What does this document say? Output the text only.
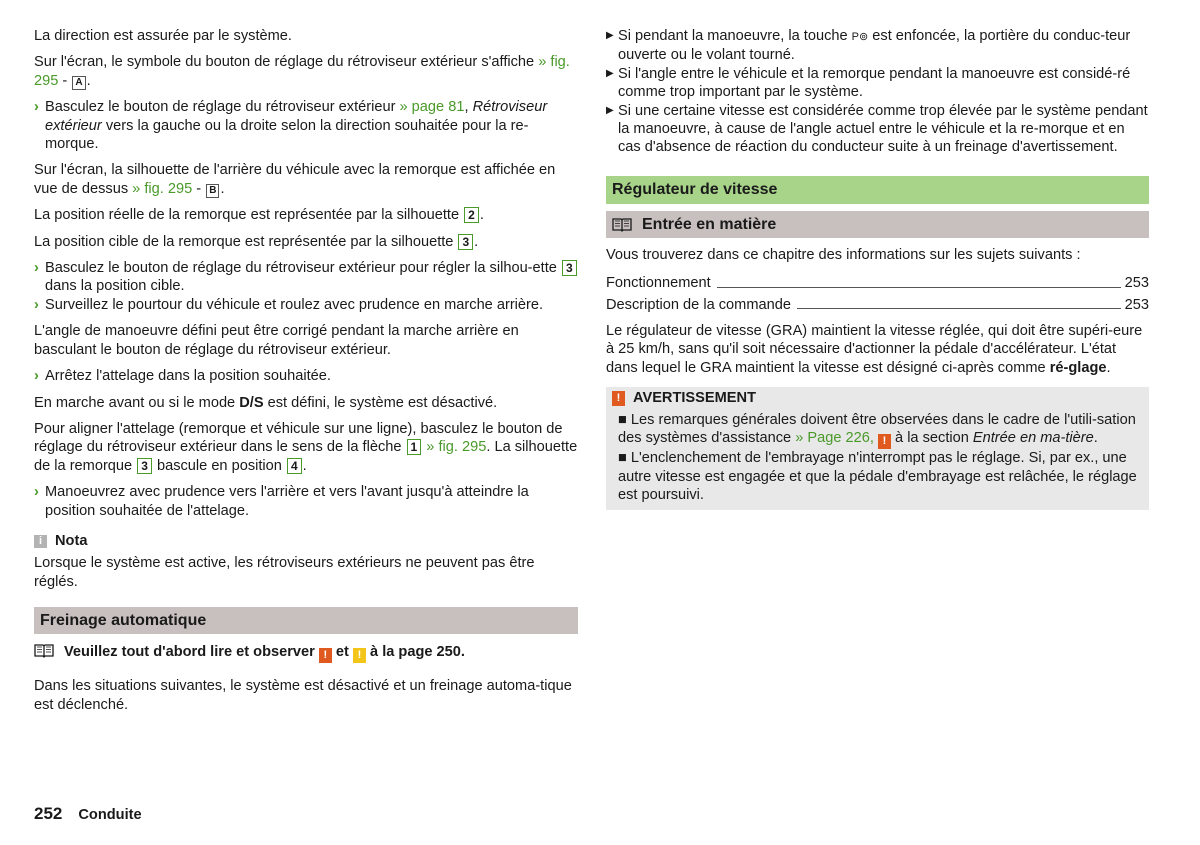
La direction est assurée par le système.

Sur l'écran, le symbole du bouton de réglage du rétroviseur extérieur s'affiche » fig. 295 - A .

› Basculez le bouton de réglage du rétroviseur extérieur » page 81, Rétroviseur extérieur vers la gauche ou la droite selon la direction souhaitée pour la re-morque.

Sur l'écran, la silhouette de l'arrière du véhicule avec la remorque est affichée en vue de dessus » fig. 295 - B .

La position réelle de la remorque est représentée par la silhouette 2 .

La position cible de la remorque est représentée par la silhouette 3 .

› Basculez le bouton de réglage du rétroviseur extérieur pour régler la silhou-ette 3 dans la position cible.
› Surveillez le pourtour du véhicule et roulez avec prudence en marche arrière.

L'angle de manoeuvre défini peut être corrigé pendant la marche arrière en basculant le bouton de réglage du rétroviseur extérieur.

› Arrêtez l'attelage dans la position souhaitée.

En marche avant ou si le mode D/S est défini, le système est désactivé.

Pour aligner l'attelage (remorque et véhicule sur une ligne), basculez le bouton de réglage du rétroviseur extérieur dans le sens de la flèche 1 » fig. 295. La silhouette de la remorque 3 bascule en position 4 .

› Manoeuvrez avec prudence vers l'arrière et vers l'avant jusqu'à atteindre la position souhaitée de l'attelage.
i Nota

Lorsque le système est active, les rétroviseurs extérieurs ne peuvent pas être réglés.

Freinage automatique

Veuillez tout d'abord lire et observer ! et ! à la page 250.

Dans les situations suivantes, le système est désactivé et un freinage automa-tique est déclenché.

▶ Si pendant la manoeuvre, la touche P⊚ est enfoncée, la portière du conduc-teur ouverte ou le volant tourné.
▶ Si l'angle entre le véhicule et la remorque pendant la manoeuvre est considé-ré comme trop important par le système.
▶ Si une certaine vitesse est considérée comme trop élevée par le système pendant la manoeuvre, à cause de l'angle actuel entre le véhicule et la re-morque et en cas d'absence de réaction du conducteur suite à un freinage d'avertissement.
Régulateur de vitesse
Entrée en matière

Vous trouverez dans ce chapitre des informations sur les sujets suivants :

Fonctionnement	253
Description de la commande	253

Le régulateur de vitesse (GRA) maintient la vitesse réglée, qui doit être supéri-eure à 25 km/h, sans qu'il soit nécessaire d'actionner la pédale d'accélérateur. L'état dans lequel le GRA maintient la vitesse est désigné ci-après comme ré-glage.

! AVERTISSEMENT

■ Les remarques générales doivent être observées dans le cadre de l'utili-sation des systèmes d'assistance » Page 226, ! à la section Entrée en ma-tière.

■ L'enclenchement de l'embrayage n'interrompt pas le réglage. Si, par ex., une autre vitesse est engagée et que la pédale d'embrayage est relâchée, le réglage est poursuivi.

252 Conduite
